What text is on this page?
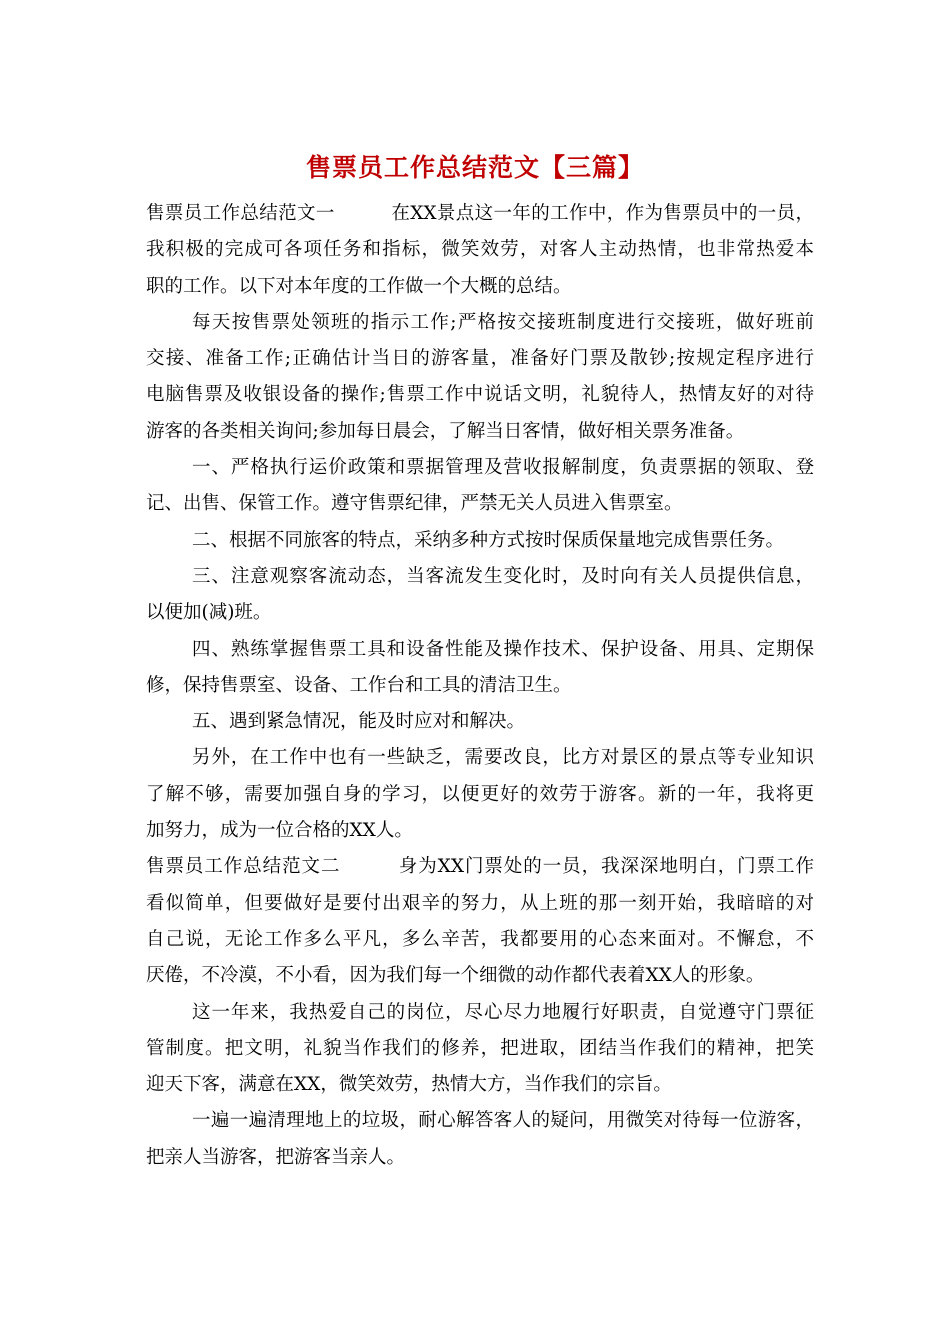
售票员工作总结范文【三篇】
售票员工作总结范文一　　　在XX景点这一年的工作中，作为售票员中的一员，
我积极的完成可各项任务和指标，微笑效劳，对客人主动热情，也非常热爱本
职的工作。以下对本年度的工作做一个大概的总结。
每天按售票处领班的指示工作;严格按交接班制度进行交接班，做好班前
交接、准备工作;正确估计当日的游客量，准备好门票及散钞;按规定程序进行
电脑售票及收银设备的操作;售票工作中说话文明，礼貌待人，热情友好的对待
游客的各类相关询问;参加每日晨会，了解当日客情，做好相关票务准备。
一、严格执行运价政策和票据管理及营收报解制度，负责票据的领取、登
记、出售、保管工作。遵守售票纪律，严禁无关人员进入售票室。
二、根据不同旅客的特点，采纳多种方式按时保质保量地完成售票任务。
三、注意观察客流动态，当客流发生变化时，及时向有关人员提供信息，
以便加(减)班。
四、熟练掌握售票工具和设备性能及操作技术、保护设备、用具、定期保
修，保持售票室、设备、工作台和工具的清洁卫生。
五、遇到紧急情况，能及时应对和解决。
另外，在工作中也有一些缺乏，需要改良，比方对景区的景点等专业知识
了解不够，需要加强自身的学习，以便更好的效劳于游客。新的一年，我将更
加努力，成为一位合格的XX人。
售票员工作总结范文二　　　身为XX门票处的一员，我深深地明白，门票工作
看似简单，但要做好是要付出艰辛的努力，从上班的那一刻开始，我暗暗的对
自己说，无论工作多么平凡，多么辛苦，我都要用的心态来面对。不懈怠，不
厌倦，不冷漠，不小看，因为我们每一个细微的动作都代表着XX人的形象。
这一年来，我热爱自己的岗位，尽心尽力地履行好职责，自觉遵守门票征
管制度。把文明，礼貌当作我们的修养，把进取，团结当作我们的精神，把笑
迎天下客，满意在XX，微笑效劳，热情大方，当作我们的宗旨。
一遍一遍清理地上的垃圾，耐心解答客人的疑问，用微笑对待每一位游客，
把亲人当游客，把游客当亲人。
